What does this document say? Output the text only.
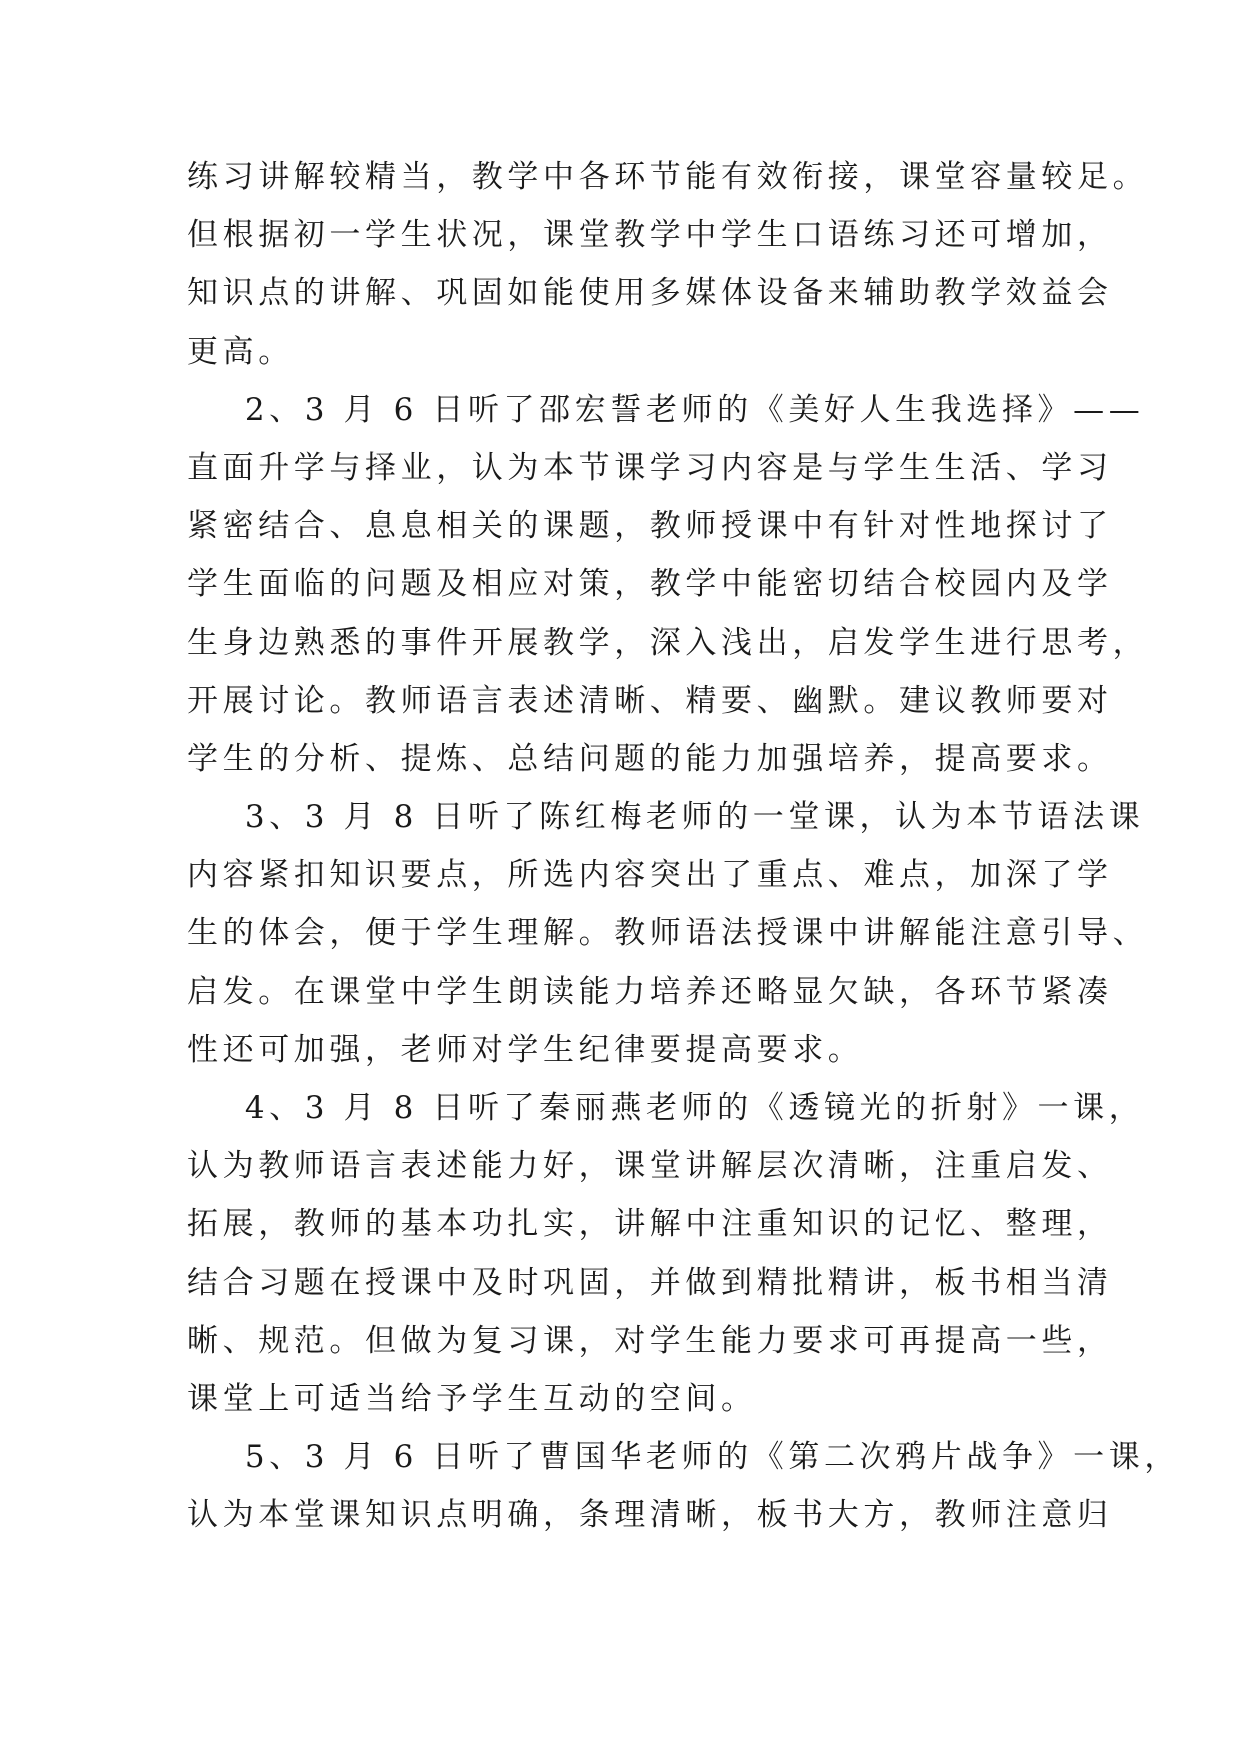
练习讲解较精当，教学中各环节能有效衔接，课堂容量较足。
但根据初一学生状况，课堂教学中学生口语练习还可增加，
知识点的讲解、巩固如能使用多媒体设备来辅助教学效益会
更高。
2、3 月 6 日听了邵宏誓老师的《美好人生我选择》——
直面升学与择业，认为本节课学习内容是与学生生活、学习
紧密结合、息息相关的课题，教师授课中有针对性地探讨了
学生面临的问题及相应对策，教学中能密切结合校园内及学
生身边熟悉的事件开展教学，深入浅出，启发学生进行思考，
开展讨论。教师语言表述清晰、精要、幽默。建议教师要对
学生的分析、提炼、总结问题的能力加强培养，提高要求。
3、3 月 8 日听了陈红梅老师的一堂课，认为本节语法课
内容紧扣知识要点，所选内容突出了重点、难点，加深了学
生的体会，便于学生理解。教师语法授课中讲解能注意引导、
启发。在课堂中学生朗读能力培养还略显欠缺，各环节紧凑
性还可加强，老师对学生纪律要提高要求。
4、3 月 8 日听了秦丽燕老师的《透镜光的折射》一课，
认为教师语言表述能力好，课堂讲解层次清晰，注重启发、
拓展，教师的基本功扎实，讲解中注重知识的记忆、整理，
结合习题在授课中及时巩固，并做到精批精讲，板书相当清
晰、规范。但做为复习课，对学生能力要求可再提高一些，
课堂上可适当给予学生互动的空间。
5、3 月 6 日听了曹国华老师的《第二次鸦片战争》一课，
认为本堂课知识点明确，条理清晰，板书大方，教师注意归
